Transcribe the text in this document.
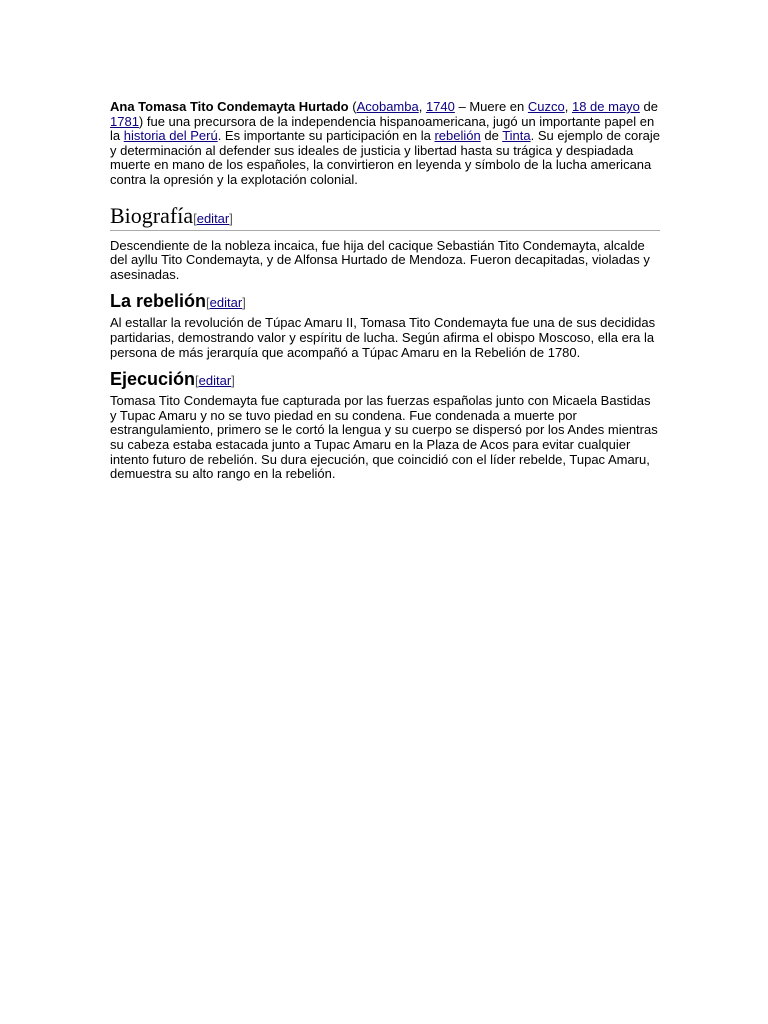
Ana Tomasa Tito Condemayta Hurtado (Acobamba, 1740 – Muere en Cuzco, 18 de mayo de 1781) fue una precursora de la independencia hispanoamericana, jugó un importante papel en la historia del Perú. Es importante su participación en la rebelión de Tinta. Su ejemplo de coraje y determinación al defender sus ideales de justicia y libertad hasta su trágica y despiadada muerte en mano de los españoles, la convirtieron en leyenda y símbolo de la lucha americana contra la opresión y la explotación colonial.

Biografía[editar]

Descendiente de la nobleza incaica, fue hija del cacique Sebastián Tito Condemayta, alcalde del ayllu Tito Condemayta, y de Alfonsa Hurtado de Mendoza. Fueron decapitadas, violadas y asesinadas.

La rebelión[editar]

Al estallar la revolución de Túpac Amaru II, Tomasa Tito Condemayta fue una de sus decididas partidarias, demostrando valor y espíritu de lucha. Según afirma el obispo Moscoso, ella era la persona de más jerarquía que acompañó a Túpac Amaru en la Rebelión de 1780.

Ejecución[editar]

Tomasa Tito Condemayta fue capturada por las fuerzas españolas junto con Micaela Bastidas y Tupac Amaru y no se tuvo piedad en su condena. Fue condenada a muerte por estrangulamiento, primero se le cortó la lengua y su cuerpo se dispersó por los Andes mientras su cabeza estaba estacada junto a Tupac Amaru en la Plaza de Acos para evitar cualquier intento futuro de rebelión. Su dura ejecución, que coincidió con el líder rebelde, Tupac Amaru, demuestra su alto rango en la rebelión.
